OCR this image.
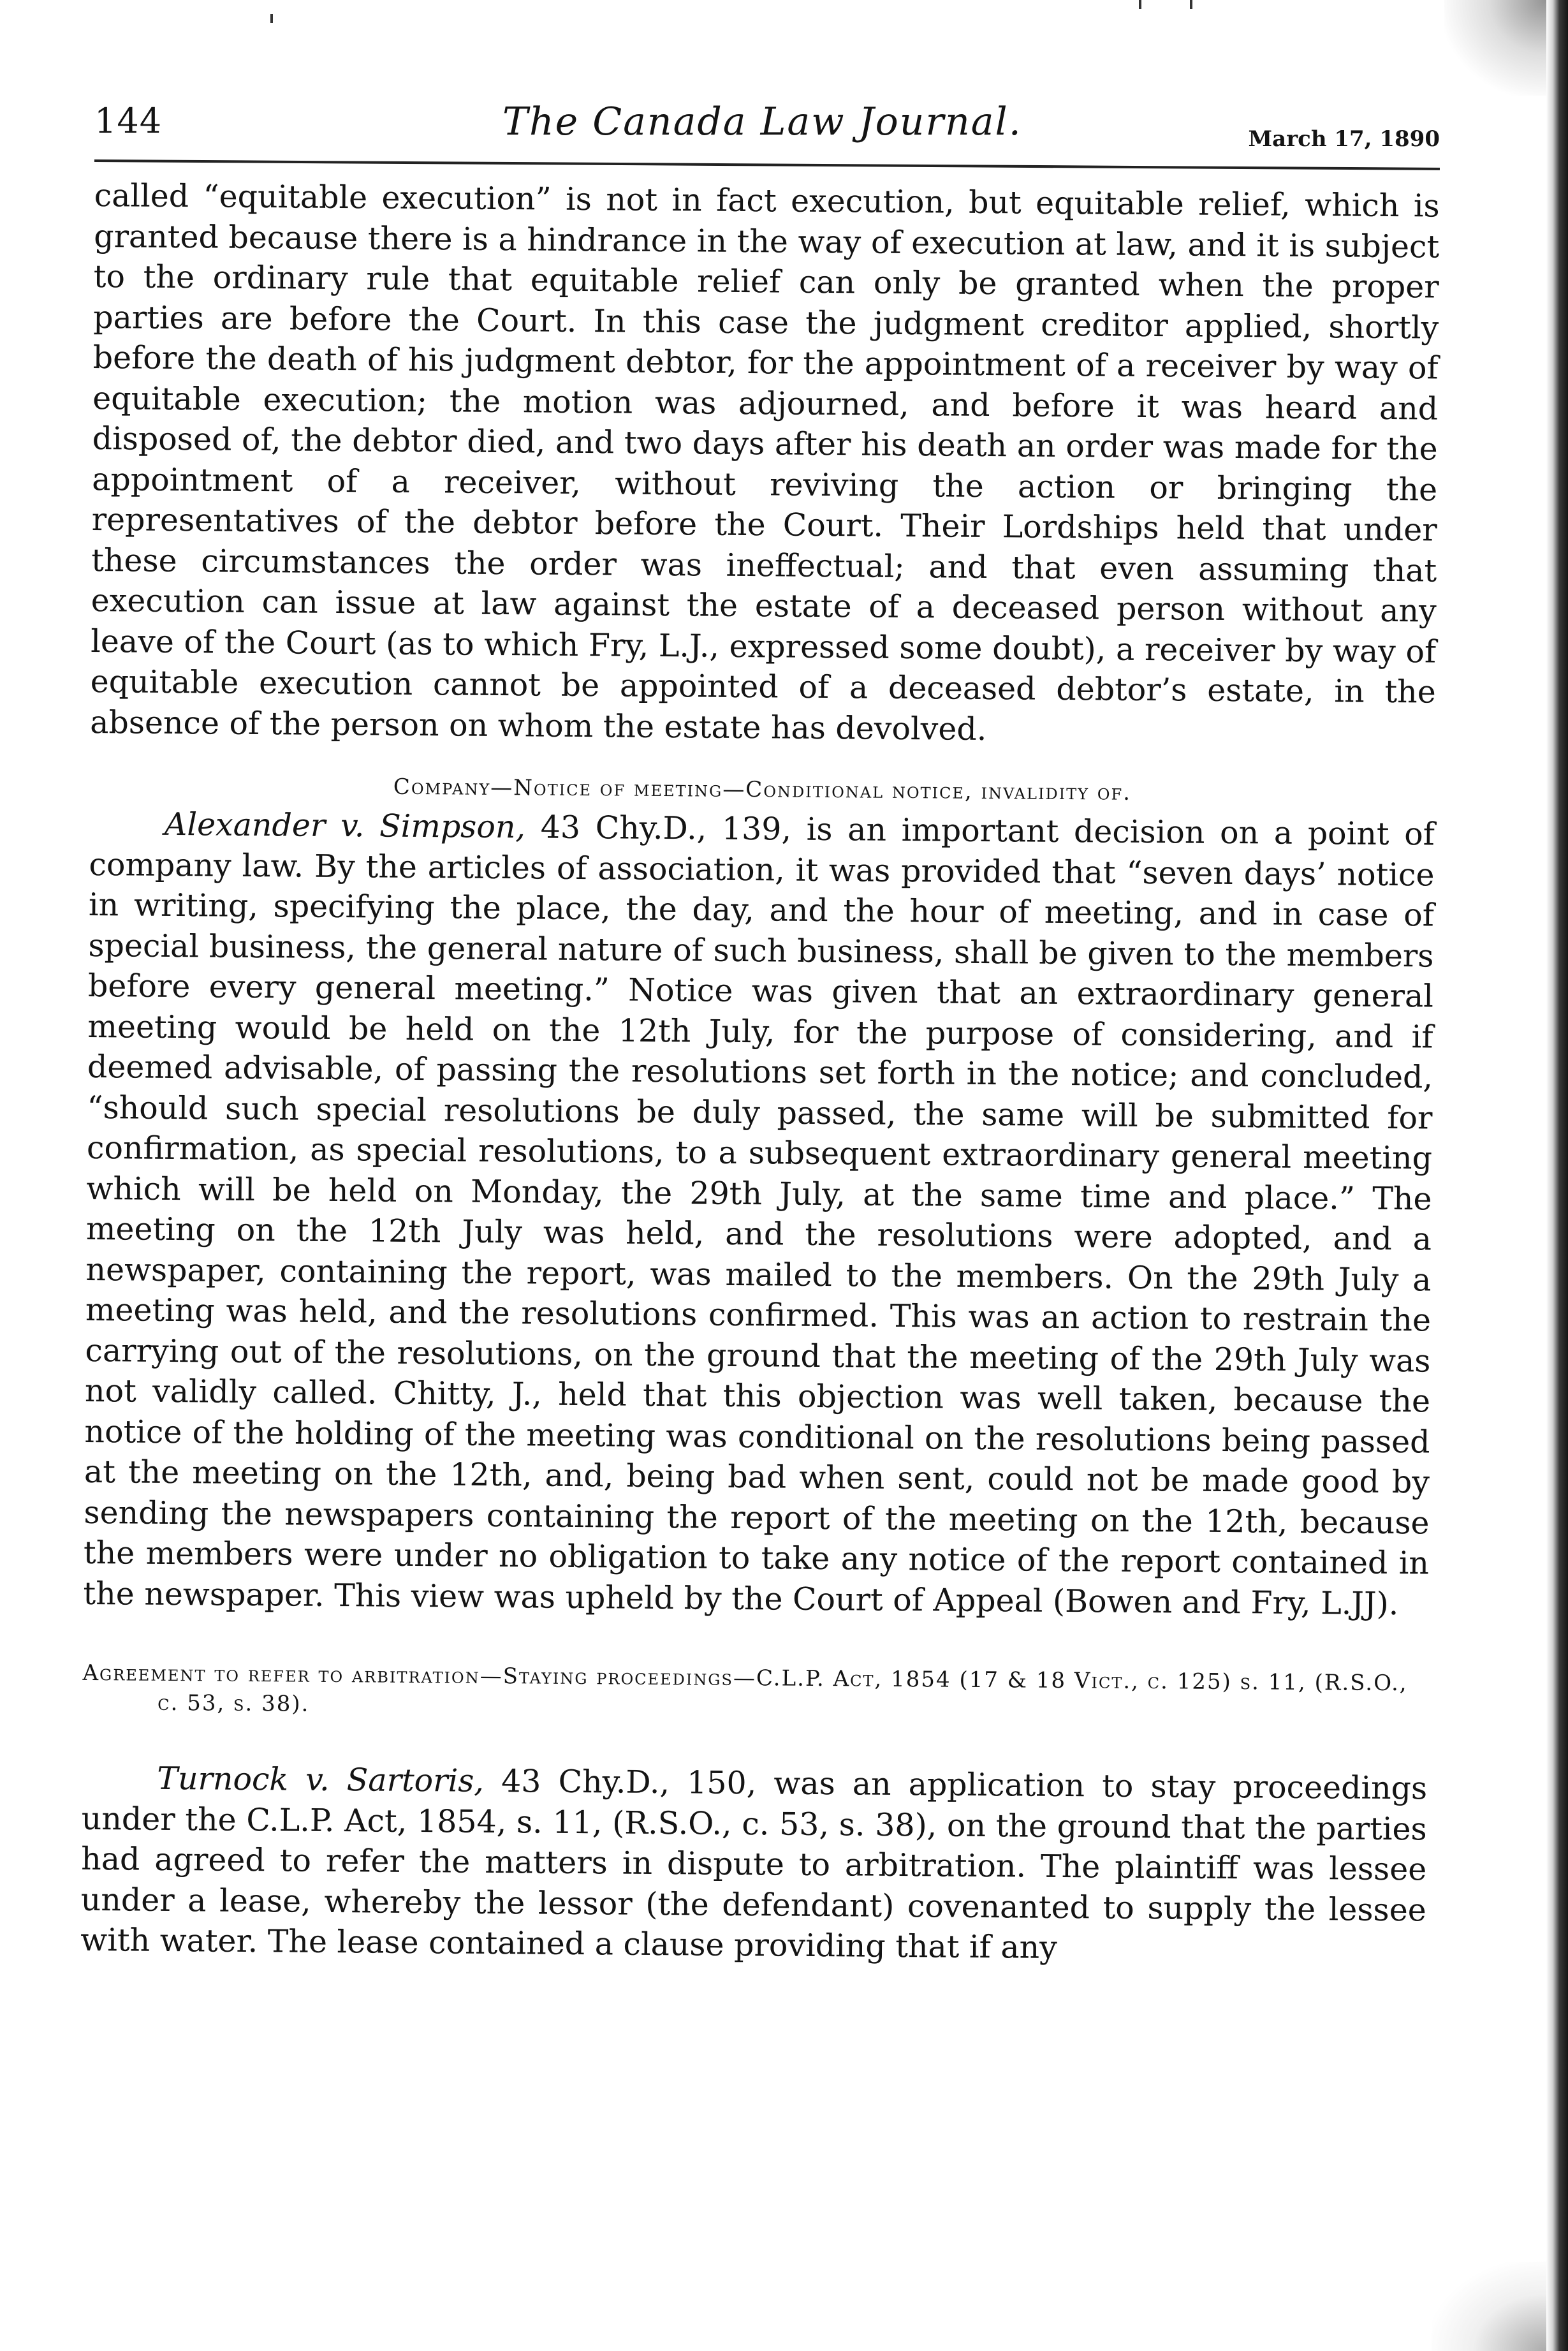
144	The Canada Law Journal.	March 17, 1890

called “equitable execution” is not in fact execution, but equitable relief, which is granted because there is a hindrance in the way of execution at law, and it is subject to the ordinary rule that equitable relief can only be granted when the proper parties are before the Court. In this case the judgment creditor applied, shortly before the death of his judgment debtor, for the appointment of a receiver by way of equitable execution; the motion was adjourned, and before it was heard and disposed of, the debtor died, and two days after his death an order was made for the appointment of a receiver, without reviving the action or bringing the representatives of the debtor before the Court. Their Lordships held that under these circumstances the order was ineffectual; and that even assuming that execution can issue at law against the estate of a deceased person without any leave of the Court (as to which Fry, L.J., expressed some doubt), a receiver by way of equitable execution cannot be appointed of a deceased debtor’s estate, in the absence of the person on whom the estate has devolved.

Company—Notice of meeting—Conditional notice, invalidity of.

Alexander v. Simpson, 43 Chy.D., 139, is an important decision on a point of company law. By the articles of association, it was provided that “seven days’ notice in writing, specifying the place, the day, and the hour of meeting, and in case of special business, the general nature of such business, shall be given to the members before every general meeting.” Notice was given that an extraordinary general meeting would be held on the 12th July, for the purpose of considering, and if deemed advisable, of passing the resolutions set forth in the notice; and concluded, “should such special resolutions be duly passed, the same will be submitted for confirmation, as special resolutions, to a subsequent extraordinary general meeting which will be held on Monday, the 29th July, at the same time and place.” The meeting on the 12th July was held, and the resolutions were adopted, and a newspaper, containing the report, was mailed to the members. On the 29th July a meeting was held, and the resolutions confirmed. This was an action to restrain the carrying out of the resolutions, on the ground that the meeting of the 29th July was not validly called. Chitty, J., held that this objection was well taken, because the notice of the holding of the meeting was conditional on the resolutions being passed at the meeting on the 12th, and, being bad when sent, could not be made good by sending the newspapers containing the report of the meeting on the 12th, because the members were under no obligation to take any notice of the report contained in the newspaper. This view was upheld by the Court of Appeal (Bowen and Fry, L.JJ).

Agreement to refer to arbitration—Staying proceedings—C.L.P. Act, 1854 (17 & 18 Vict., c. 125) s. 11, (R.S.O., c. 53, s. 38).

Turnock v. Sartoris, 43 Chy.D., 150, was an application to stay proceedings under the C.L.P. Act, 1854, s. 11, (R.S.O., c. 53, s. 38), on the ground that the parties had agreed to refer the matters in dispute to arbitration. The plaintiff was lessee under a lease, whereby the lessor (the defendant) covenanted to supply the lessee with water. The lease contained a clause providing that if any
